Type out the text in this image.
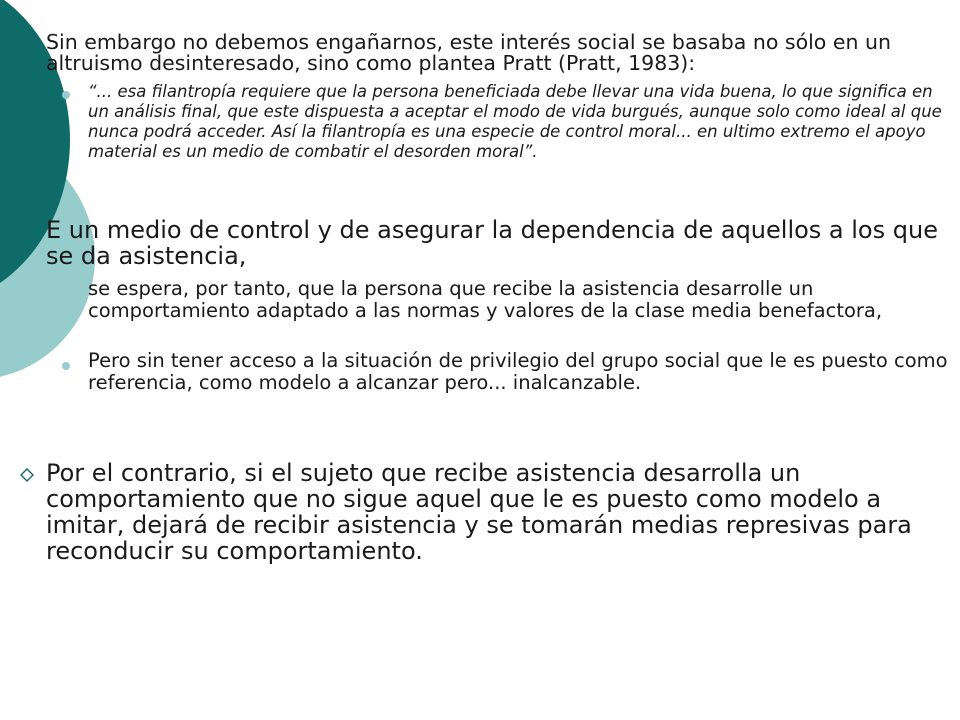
Sin embargo no debemos engañarnos, este interés social se basaba no sólo en un altruismo desinteresado, sino como plantea Pratt (Pratt, 1983):
“... esa filantropía requiere que la persona beneficiada debe llevar una vida buena, lo que significa en un análisis final, que este dispuesta a aceptar el modo de vida burgués, aunque solo como ideal al que nunca podrá acceder. Así la filantropía es una especie de control moral... en ultimo extremo el apoyo material es un medio de combatir el desorden moral”.
E un medio de control y de asegurar la dependencia de aquellos a los que se da asistencia,
se espera, por tanto, que la persona que recibe la asistencia desarrolle un comportamiento adaptado a las normas y valores de la clase media benefactora,
Pero sin tener acceso a la situación de privilegio del grupo social que le es puesto como referencia, como modelo a alcanzar pero... inalcanzable.
Por el contrario, si el sujeto que recibe asistencia desarrolla un comportamiento que no sigue aquel que le es puesto como modelo a imitar, dejará de recibir asistencia y se tomarán medias represivas para reconducir su comportamiento.
